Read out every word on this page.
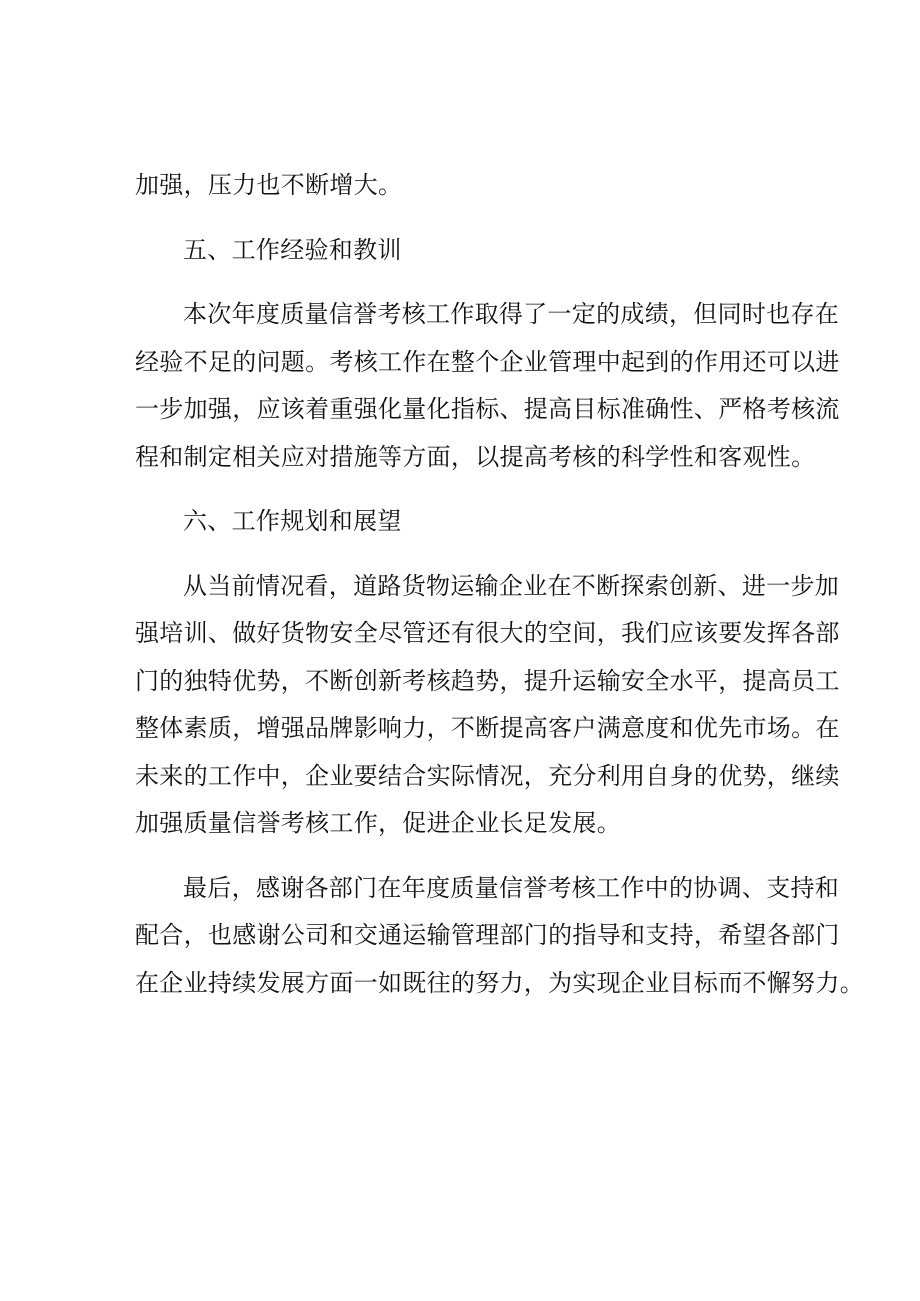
加强，压力也不断增大。
五、工作经验和教训
本次年度质量信誉考核工作取得了一定的成绩，但同时也存在
经验不足的问题。考核工作在整个企业管理中起到的作用还可以进
一步加强，应该着重强化量化指标、提高目标准确性、严格考核流
程和制定相关应对措施等方面，以提高考核的科学性和客观性。
六、工作规划和展望
从当前情况看，道路货物运输企业在不断探索创新、进一步加
强培训、做好货物安全尽管还有很大的空间，我们应该要发挥各部
门的独特优势，不断创新考核趋势，提升运输安全水平，提高员工
整体素质，增强品牌影响力，不断提高客户满意度和优先市场。在
未来的工作中，企业要结合实际情况，充分利用自身的优势，继续
加强质量信誉考核工作，促进企业长足发展。
最后，感谢各部门在年度质量信誉考核工作中的协调、支持和
配合，也感谢公司和交通运输管理部门的指导和支持，希望各部门
在企业持续发展方面一如既往的努力，为实现企业目标而不懈努力。
